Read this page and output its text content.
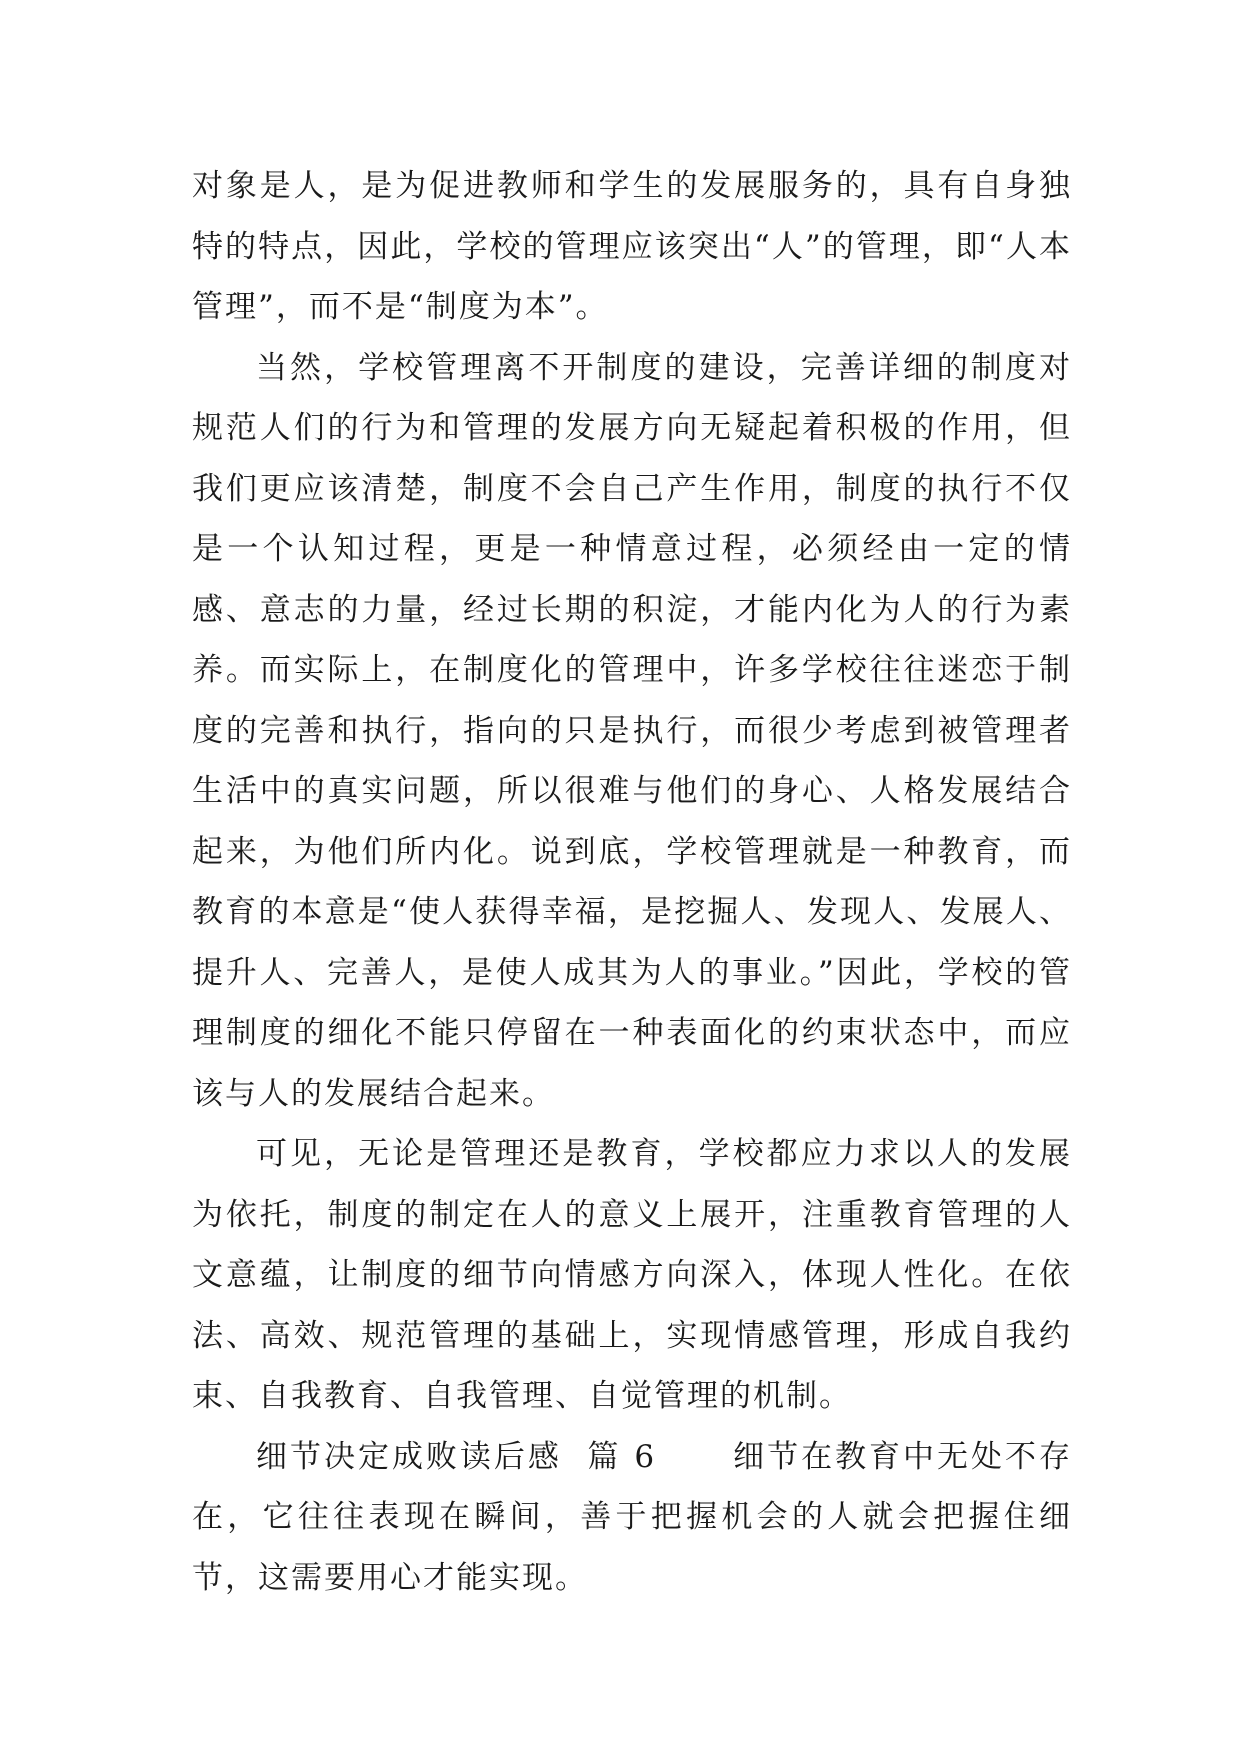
对象是人，是为促进教师和学生的发展服务的，具有自身独特的特点，因此，学校的管理应该突出“人”的管理，即“人本管理”，而不是“制度为本”。

当然，学校管理离不开制度的建设，完善详细的制度对规范人们的行为和管理的发展方向无疑起着积极的作用，但我们更应该清楚，制度不会自己产生作用，制度的执行不仅是一个认知过程，更是一种情意过程，必须经由一定的情感、意志的力量，经过长期的积淀，才能内化为人的行为素养。而实际上，在制度化的管理中，许多学校往往迷恋于制度的完善和执行，指向的只是执行，而很少考虑到被管理者生活中的真实问题，所以很难与他们的身心、人格发展结合起来，为他们所内化。说到底，学校管理就是一种教育，而教育的本意是“使人获得幸福，是挖掘人、发现人、发展人、提升人、完善人，是使人成其为人的事业。”因此，学校的管理制度的细化不能只停留在一种表面化的约束状态中，而应该与人的发展结合起来。

可见，无论是管理还是教育，学校都应力求以人的发展为依托，制度的制定在人的意义上展开，注重教育管理的人文意蕴，让制度的细节向情感方向深入，体现人性化。在依法、高效、规范管理的基础上，实现情感管理，形成自我约束、自我教育、自我管理、自觉管理的机制。

细节决定成败读后感  篇 6      细节在教育中无处不存在，它往往表现在瞬间，善于把握机会的人就会把握住细节，这需要用心才能实现。
